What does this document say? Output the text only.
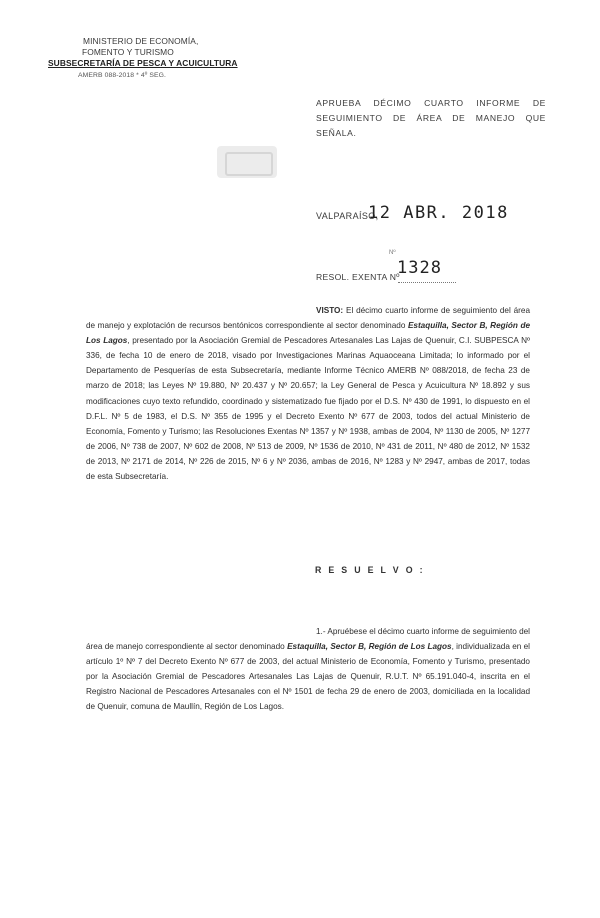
MINISTERIO DE ECONOMÍA,
FOMENTO Y TURISMO
SUBSECRETARÍA DE PESCA Y ACUICULTURA
AMERB 088-2018 * 4º SEG.
APRUEBA DÉCIMO CUARTO INFORME DE SEGUIMIENTO DE ÁREA DE MANEJO QUE SEÑALA.
VALPARAÍSO,
12 ABR. 2018
Nº
1328
RESOL. EXENTA Nº
VISTO: El décimo cuarto informe de seguimiento del área de manejo y explotación de recursos bentónicos correspondiente al sector denominado Estaquilla, Sector B, Región de Los Lagos, presentado por la Asociación Gremial de Pescadores Artesanales Las Lajas de Quenuir, C.I. SUBPESCA Nº 336, de fecha 10 de enero de 2018, visado por Investigaciones Marinas Aquaoceana Limitada; lo informado por el Departamento de Pesquerías de esta Subsecretaría, mediante Informe Técnico AMERB Nº 088/2018, de fecha 23 de marzo de 2018; las Leyes Nº 19.880, Nº 20.437 y Nº 20.657; la Ley General de Pesca y Acuicultura Nº 18.892 y sus modificaciones cuyo texto refundido, coordinado y sistematizado fue fijado por el D.S. Nº 430 de 1991, lo dispuesto en el D.F.L. Nº 5 de 1983, el D.S. Nº 355 de 1995 y el Decreto Exento Nº 677 de 2003, todos del actual Ministerio de Economía, Fomento y Turismo; las Resoluciones Exentas Nº 1357 y Nº 1938, ambas de 2004, Nº 1130 de 2005, Nº 1277 de 2006, Nº 738 de 2007, Nº 602 de 2008, Nº 513 de 2009, Nº 1536 de 2010, Nº 431 de 2011, Nº 480 de 2012, Nº 1532 de 2013, Nº 2171 de 2014, Nº 226 de 2015, Nº 6 y Nº 2036, ambas de 2016, Nº 1283 y Nº 2947, ambas de 2017, todas de esta Subsecretaría.
R E S U E L V O :
1.- Apruébese el décimo cuarto informe de seguimiento del área de manejo correspondiente al sector denominado Estaquilla, Sector B, Región de Los Lagos, individualizada en el artículo 1º Nº 7 del Decreto Exento Nº 677 de 2003, del actual Ministerio de Economía, Fomento y Turismo, presentado por la Asociación Gremial de Pescadores Artesanales Las Lajas de Quenuir, R.U.T. Nº 65.191.040-4, inscrita en el Registro Nacional de Pescadores Artesanales con el Nº 1501 de fecha 29 de enero de 2003, domiciliada en la localidad de Quenuir, comuna de Maullín, Región de Los Lagos.
